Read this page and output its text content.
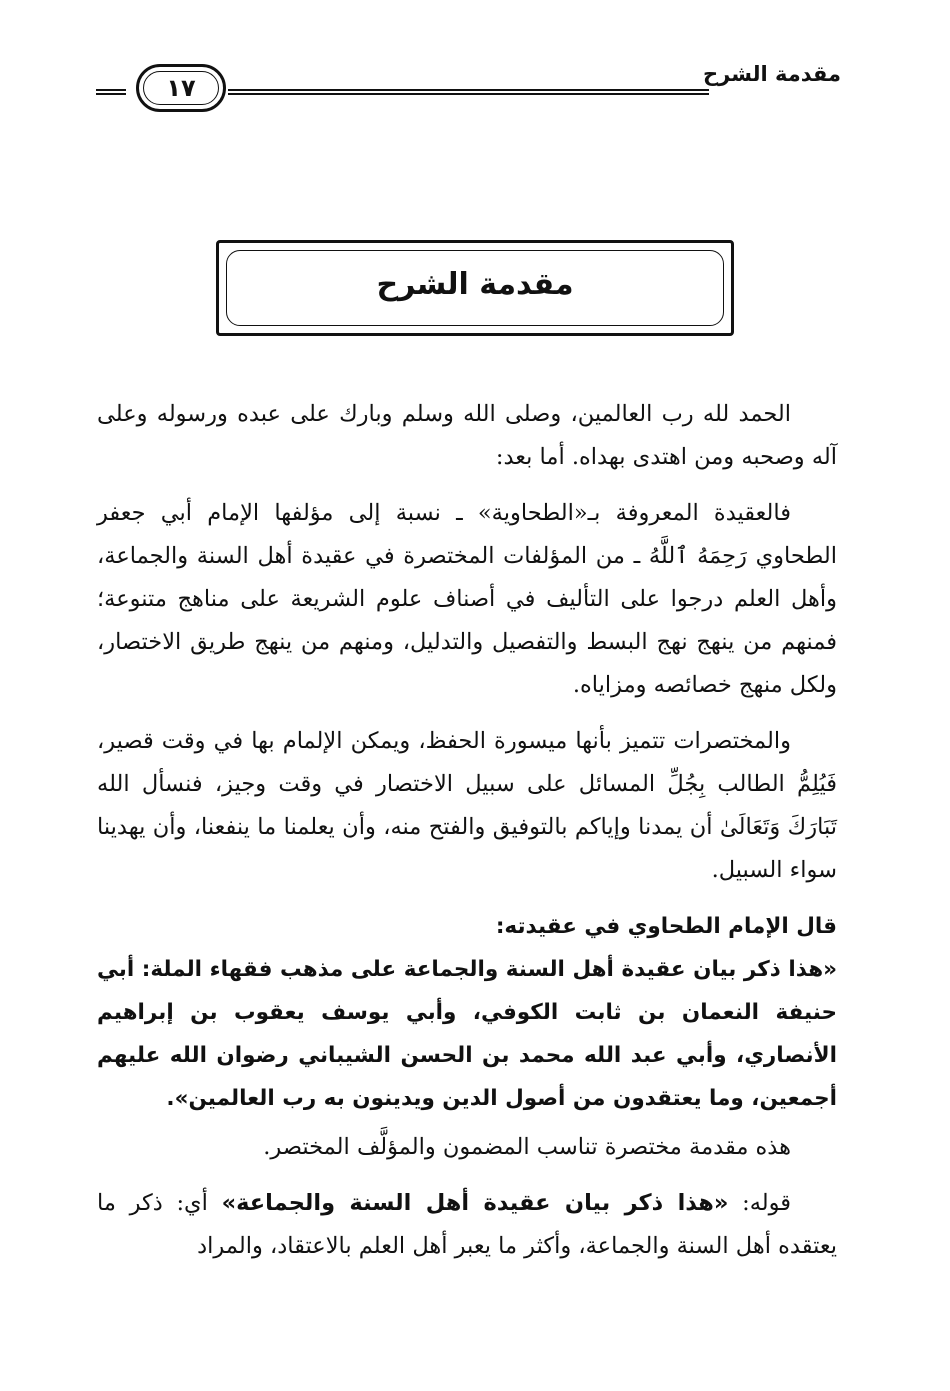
مقدمة الشرح
١٧
مقدمة الشرح

الحمد لله رب العالمين، وصلى الله وسلم وبارك على عبده ورسوله وعلى آله وصحبه ومن اهتدى بهداه. أما بعد:

فالعقيدة المعروفة بـ«الطحاوية» ـ نسبة إلى مؤلفها الإمام أبي جعفر الطحاوي رَحِمَهُ ٱللَّهُ ـ من المؤلفات المختصرة في عقيدة أهل السنة والجماعة، وأهل العلم درجوا على التأليف في أصناف علوم الشريعة على مناهج متنوعة؛ فمنهم من ينهج نهج البسط والتفصيل والتدليل، ومنهم من ينهج طريق الاختصار، ولكل منهج خصائصه ومزاياه.

والمختصرات تتميز بأنها ميسورة الحفظ، ويمكن الإلمام بها في وقت قصير، فَيُلِمُّ الطالب بِجُلِّ المسائل على سبيل الاختصار في وقت وجيز، فنسأل الله تَبَارَكَ وَتَعَالَىٰ أن يمدنا وإياكم بالتوفيق والفتح منه، وأن يعلمنا ما ينفعنا، وأن يهدينا سواء السبيل.

قال الإمام الطحاوي في عقيدته:

«هذا ذكر بيان عقيدة أهل السنة والجماعة على مذهب فقهاء الملة: أبي حنيفة النعمان بن ثابت الكوفي، وأبي يوسف يعقوب بن إبراهيم الأنصاري، وأبي عبد الله محمد بن الحسن الشيباني رضوان الله عليهم أجمعين، وما يعتقدون من أصول الدين ويدينون به رب العالمين».

هذه مقدمة مختصرة تناسب المضمون والمؤلَّف المختصر.

قوله: «هذا ذكر بيان عقيدة أهل السنة والجماعة» أي: ذكر ما يعتقده أهل السنة والجماعة، وأكثر ما يعبر أهل العلم بالاعتقاد، والمراد
